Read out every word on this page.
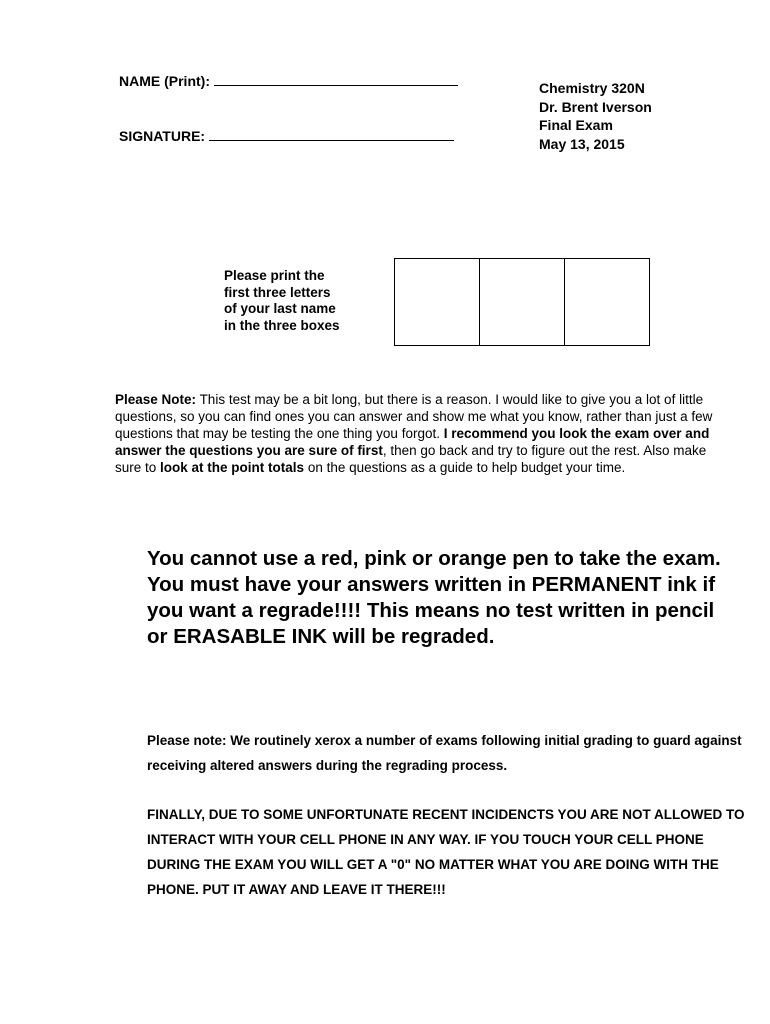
NAME (Print):
SIGNATURE:
Chemistry 320N
Dr. Brent Iverson
Final Exam
May 13, 2015
Please print the
first three letters
of your last name
in the three boxes
Please Note: This test may be a bit long, but there is a reason. I would like to give you a lot of little questions, so you can find ones you can answer and show me what you know, rather than just a few questions that may be testing the one thing you forgot. I recommend you look the exam over and answer the questions you are sure of first, then go back and try to figure out the rest. Also make sure to look at the point totals on the questions as a guide to help budget your time.
You cannot use a red, pink or orange pen to take the exam. You must have your answers written in PERMANENT ink if you want a regrade!!!! This means no test written in pencil or ERASABLE INK will be regraded.
Please note: We routinely xerox a number of exams following initial grading to guard against receiving altered answers during the regrading process.
FINALLY, DUE TO SOME UNFORTUNATE RECENT INCIDENCTS YOU ARE NOT ALLOWED TO INTERACT WITH YOUR CELL PHONE IN ANY WAY. IF YOU TOUCH YOUR CELL PHONE DURING THE EXAM YOU WILL GET A "0" NO MATTER WHAT YOU ARE DOING WITH THE PHONE. PUT IT AWAY AND LEAVE IT THERE!!!
